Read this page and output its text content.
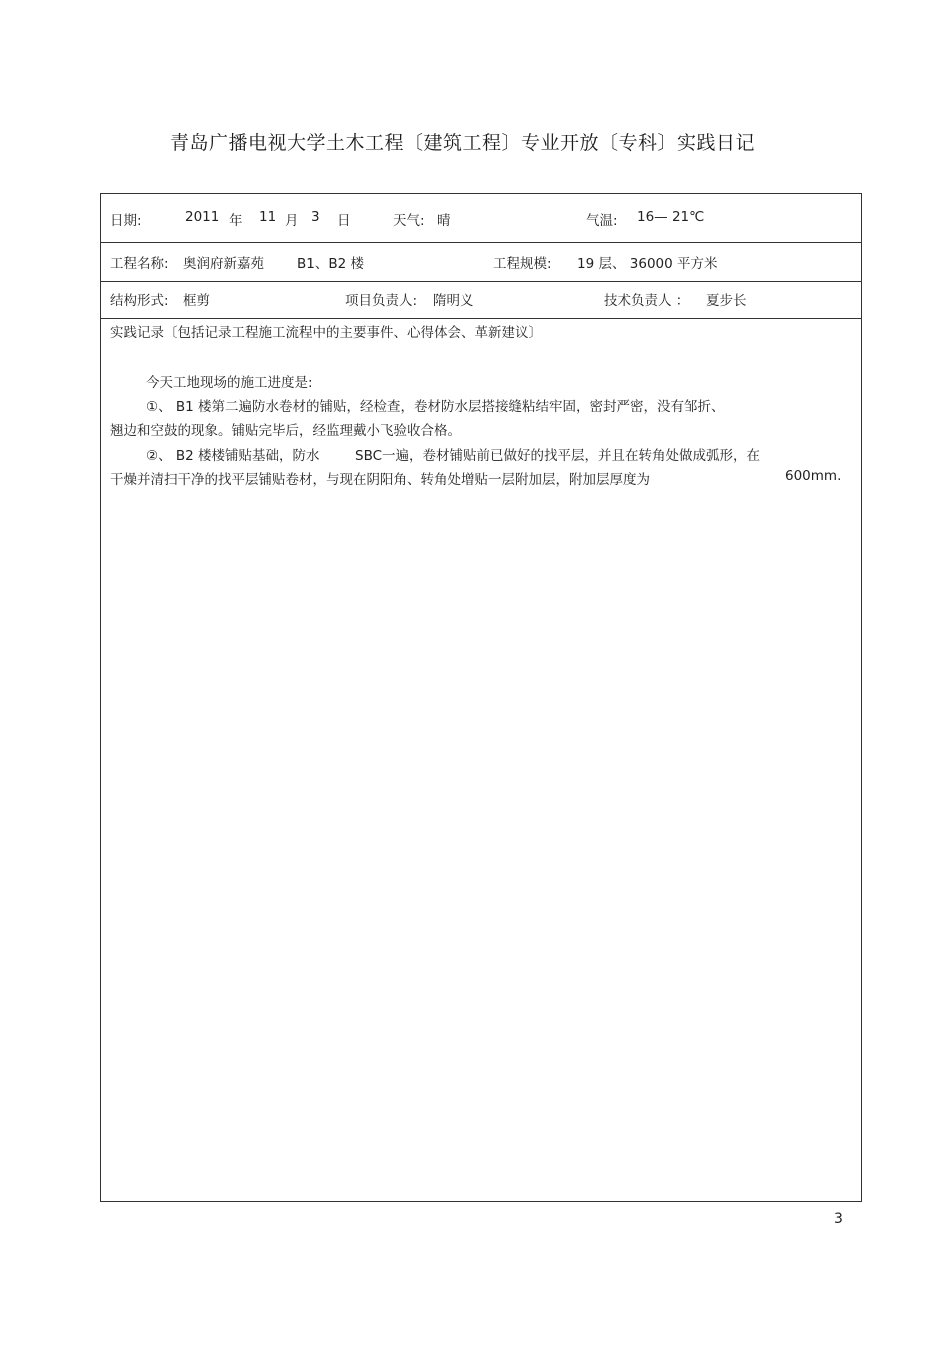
青岛广播电视大学土木工程〔建筑工程〕专业开放〔专科〕实践日记
日期:	2011 年 11 月 3 日	天气: 晴	气温: 16— 21℃
工程名称: 奥润府新嘉苑 B1、B2 楼	工程规模: 19 层、 36000 平方米
结构形式: 框剪	项目负责人: 隋明义	技术负责人 ： 夏步长
实践记录〔包括记录工程施工流程中的主要事件、心得体会、革新建议〕
今天工地现场的施工进度是:
①、 B1 楼第二遍防水卷材的铺贴，经检查，卷材防水层搭接缝粘结牢固，密封严密，没有邹折、
翘边和空鼓的现象。铺贴完毕后，经监理戴小飞验收合格。
②、 B2 楼楼铺贴基础，防水	SBC一遍，卷材铺贴前已做好的找平层，并且在转角处做成弧形，在
干燥并清扫干净的找平层铺贴卷材，与现在阴阳角、转角处增贴一层附加层，附加层厚度为	600mm.
3
